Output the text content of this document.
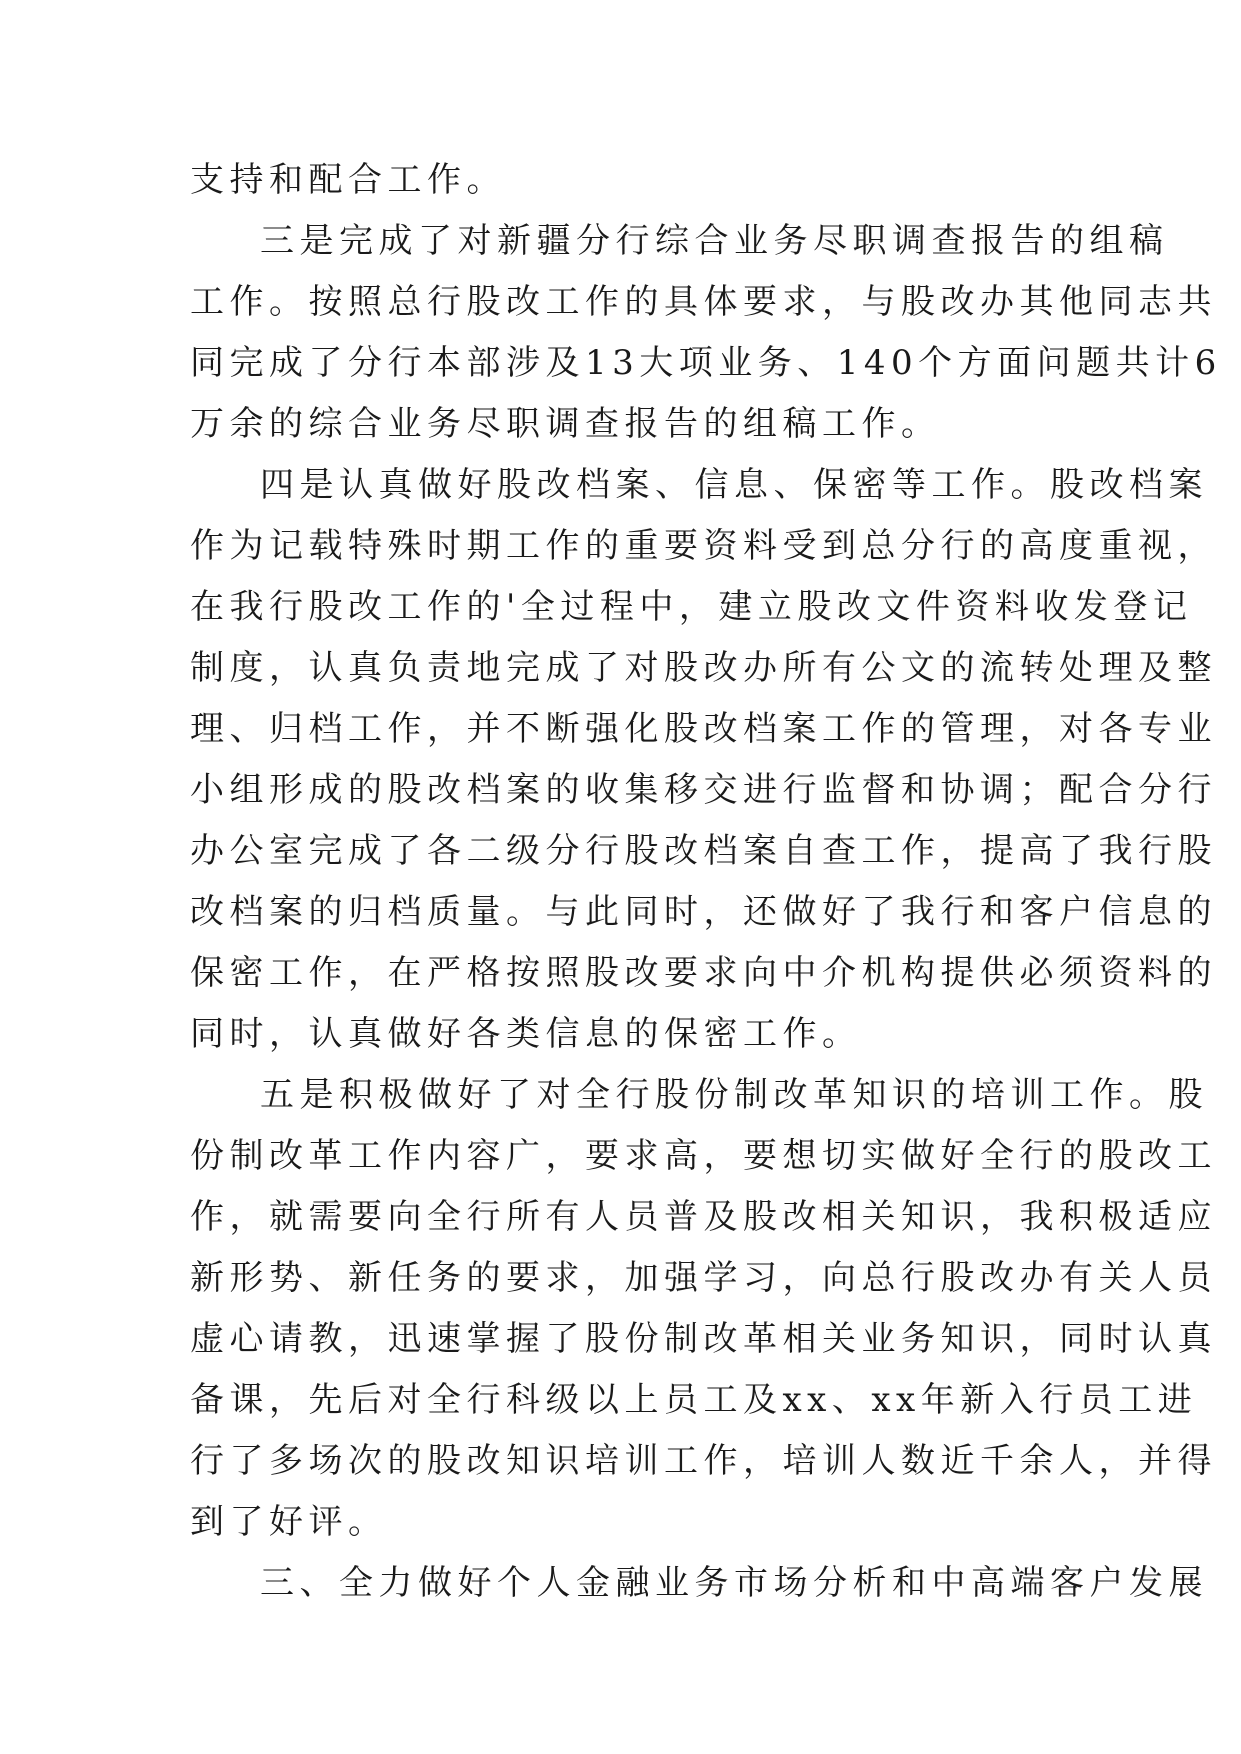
支持和配合工作。
三是完成了对新疆分行综合业务尽职调查报告的组稿
工作。按照总行股改工作的具体要求，与股改办其他同志共
同完成了分行本部涉及13大项业务、140个方面问题共计6
万余的综合业务尽职调查报告的组稿工作。
四是认真做好股改档案、信息、保密等工作。股改档案
作为记载特殊时期工作的重要资料受到总分行的高度重视，
在我行股改工作的'全过程中，建立股改文件资料收发登记
制度，认真负责地完成了对股改办所有公文的流转处理及整
理、归档工作，并不断强化股改档案工作的管理，对各专业
小组形成的股改档案的收集移交进行监督和协调；配合分行
办公室完成了各二级分行股改档案自查工作，提高了我行股
改档案的归档质量。与此同时，还做好了我行和客户信息的
保密工作，在严格按照股改要求向中介机构提供必须资料的
同时，认真做好各类信息的保密工作。
五是积极做好了对全行股份制改革知识的培训工作。股
份制改革工作内容广，要求高，要想切实做好全行的股改工
作，就需要向全行所有人员普及股改相关知识，我积极适应
新形势、新任务的要求，加强学习，向总行股改办有关人员
虚心请教，迅速掌握了股份制改革相关业务知识，同时认真
备课，先后对全行科级以上员工及xx、xx年新入行员工进
行了多场次的股改知识培训工作，培训人数近千余人，并得
到了好评。
三、全力做好个人金融业务市场分析和中高端客户发展
